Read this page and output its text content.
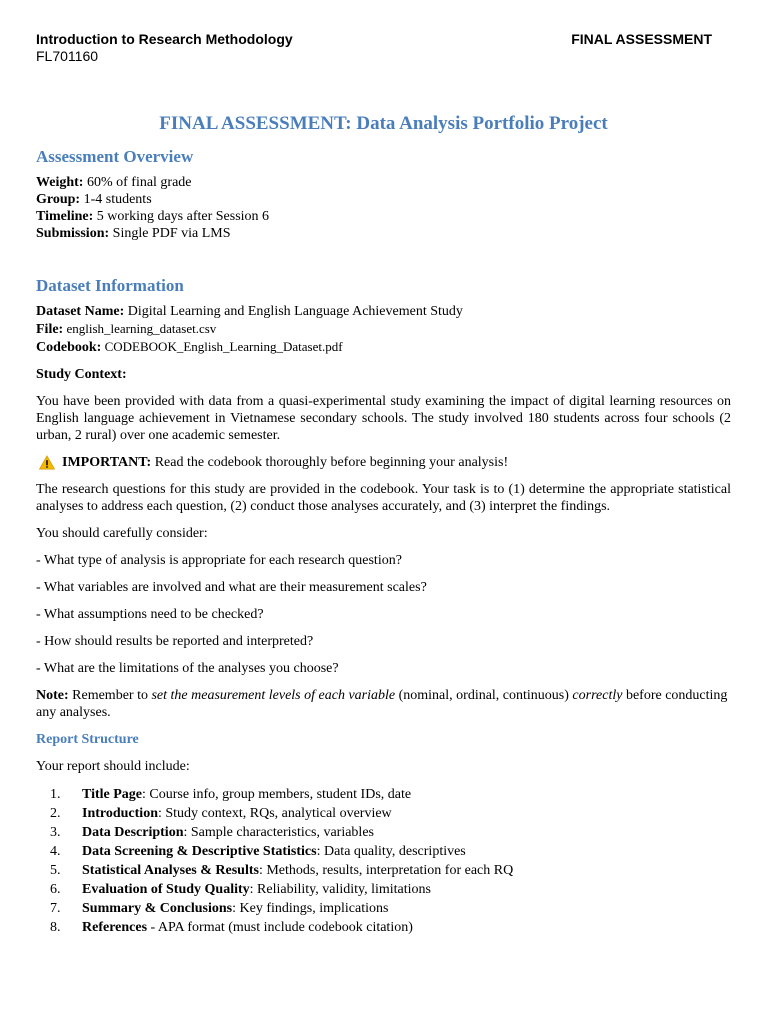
Introduction to Research Methodology
FL701160
FINAL ASSESSMENT
FINAL ASSESSMENT: Data Analysis Portfolio Project
Assessment Overview
Weight: 60% of final grade
Group: 1-4 students
Timeline: 5 working days after Session 6
Submission: Single PDF via LMS
Dataset Information
Dataset Name: Digital Learning and English Language Achievement Study
File: english_learning_dataset.csv
Codebook: CODEBOOK_English_Learning_Dataset.pdf
Study Context:
You have been provided with data from a quasi-experimental study examining the impact of digital learning resources on English language achievement in Vietnamese secondary schools. The study involved 180 students across four schools (2 urban, 2 rural) over one academic semester.
IMPORTANT: Read the codebook thoroughly before beginning your analysis!
The research questions for this study are provided in the codebook. Your task is to (1) determine the appropriate statistical analyses to address each question, (2) conduct those analyses accurately, and (3) interpret the findings.
You should carefully consider:
- What type of analysis is appropriate for each research question?
- What variables are involved and what are their measurement scales?
- What assumptions need to be checked?
- How should results be reported and interpreted?
- What are the limitations of the analyses you choose?
Note: Remember to set the measurement levels of each variable (nominal, ordinal, continuous) correctly before conducting any analyses.
Report Structure
Your report should include:
1.	Title Page: Course info, group members, student IDs, date
2.	Introduction: Study context, RQs, analytical overview
3.	Data Description: Sample characteristics, variables
4.	Data Screening & Descriptive Statistics: Data quality, descriptives
5.	Statistical Analyses & Results: Methods, results, interpretation for each RQ
6.	Evaluation of Study Quality: Reliability, validity, limitations
7.	Summary & Conclusions: Key findings, implications
8.	References - APA format (must include codebook citation)
